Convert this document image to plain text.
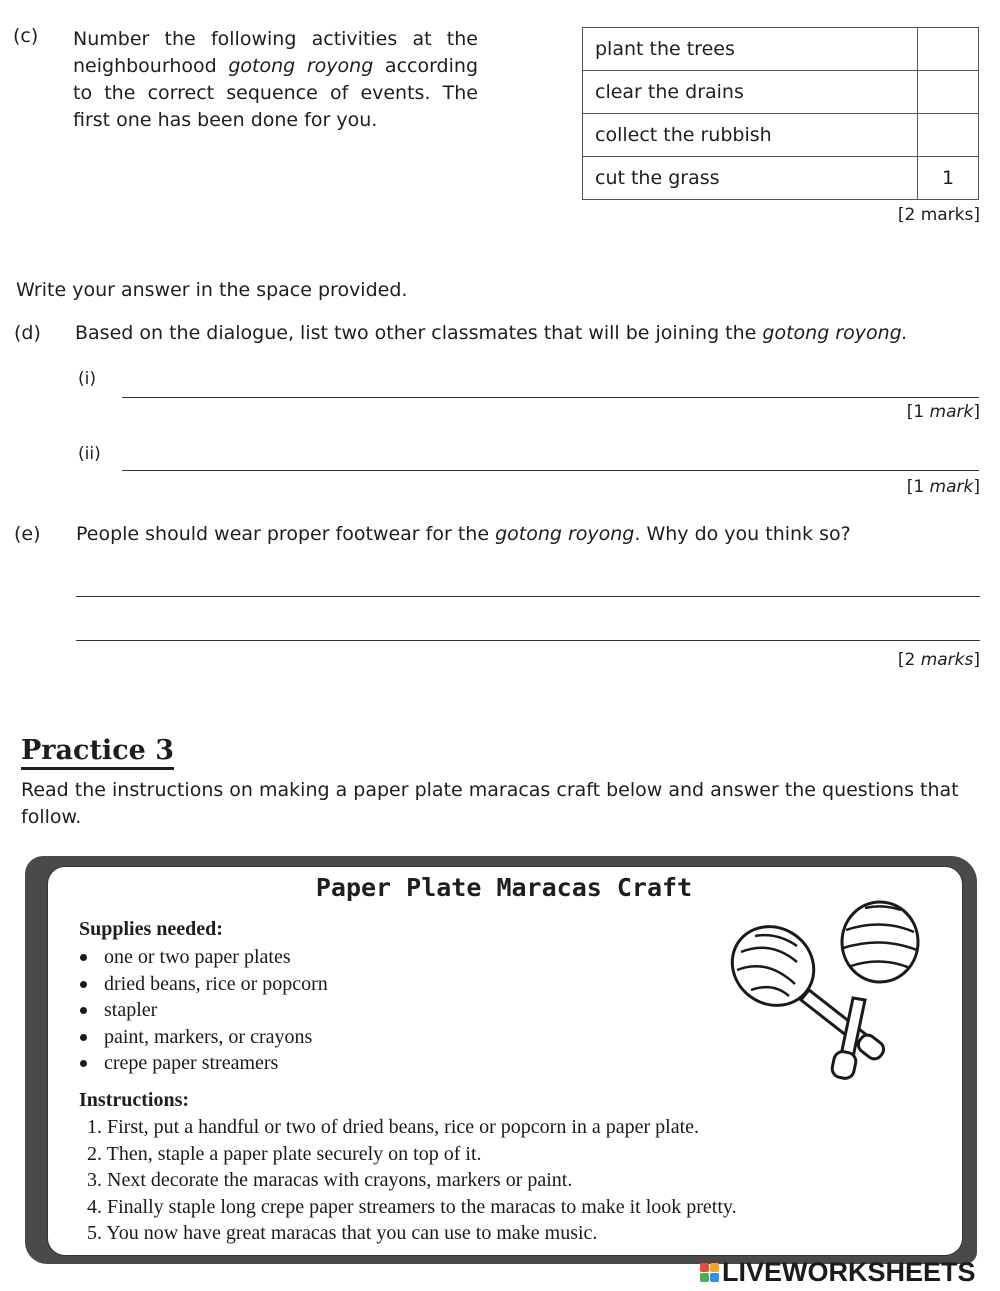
(c) Number the following activities at the neighbourhood gotong royong according to the correct sequence of events. The first one has been done for you.
plant the trees	
clear the drains	
collect the rubbish	
cut the grass	1
[2 marks]
Write your answer in the space provided.
(d) Based on the dialogue, list two other classmates that will be joining the gotong royong.
(i)
[1 mark]
(ii)
[1 mark]
(e) People should wear proper footwear for the gotong royong. Why do you think so?
[2 marks]
Practice 3
Read the instructions on making a paper plate maracas craft below and answer the questions that follow.
Paper Plate Maracas Craft
Supplies needed:
one or two paper plates
dried beans, rice or popcorn
stapler
paint, markers, or crayons
crepe paper streamers
Instructions:
1. First, put a handful or two of dried beans, rice or popcorn in a paper plate.
2. Then, staple a paper plate securely on top of it.
3. Next decorate the maracas with crayons, markers or paint.
4. Finally staple long crepe paper streamers to the maracas to make it look pretty.
5. You now have great maracas that you can use to make music.
LIVEWORKSHEETS
